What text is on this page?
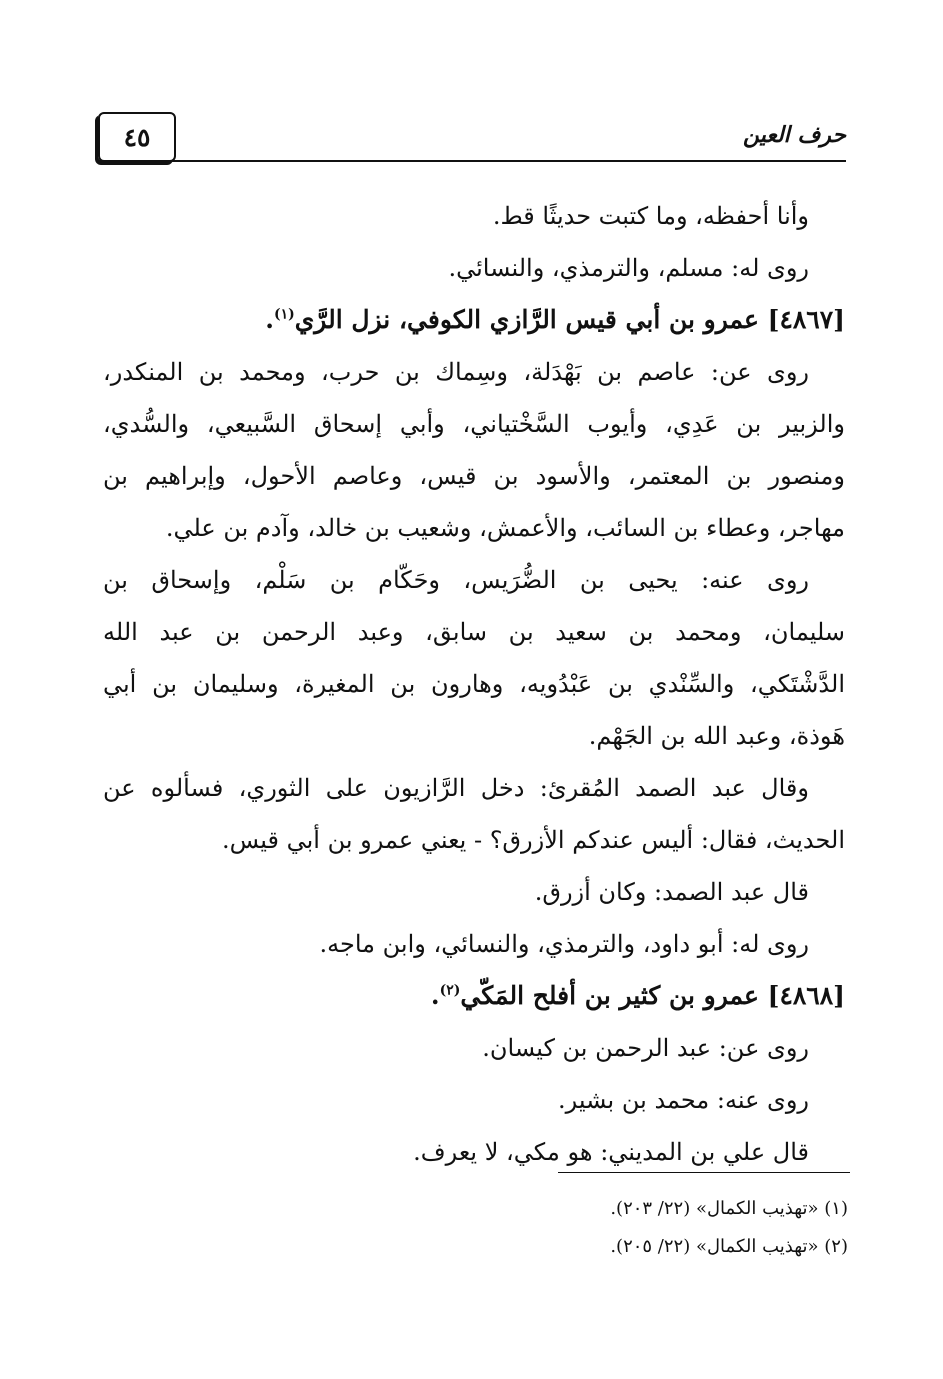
٤٥	حرف العين
وأنا أحفظه، وما كتبت حديثًا قط.
روى له: مسلم، والترمذي، والنسائي.
[٤٨٦٧] عمرو بن أبي قيس الرَّازي الكوفي، نزل الرَّي$^{(١)}$.
روى عن: عاصم بن بَهْدَلة، وسِماك بن حرب، ومحمد بن المنكدر،
والزبير بن عَدِي، وأيوب السَّخْتياني، وأبي إسحاق السَّبيعي، والسُّدي،
ومنصور بن المعتمر، والأسود بن قيس، وعاصم الأحول، وإبراهيم بن
مهاجر، وعطاء بن السائب، والأعمش، وشعيب بن خالد، وآدم بن علي.
روى عنه: يحيى بن الضُّرَيس، وحَكّام بن سَلْم، وإسحاق بن
سليمان، ومحمد بن سعيد بن سابق، وعبد الرحمن بن عبد الله
الدَّشْتَكي، والسِّنْدي بن عَبْدُويه، وهارون بن المغيرة، وسليمان بن أبي
هَوذة، وعبد الله بن الجَهْم.
وقال عبد الصمد المُقرئ: دخل الرَّازيون على الثوري، فسألوه عن
الحديث، فقال: أليس عندكم الأزرق؟ - يعني عمرو بن أبي قيس.
قال عبد الصمد: وكان أزرق.
روى له: أبو داود، والترمذي، والنسائي، وابن ماجه.
[٤٨٦٨] عمرو بن كثير بن أفلح المَكّي$^{(٢)}$.
روى عن: عبد الرحمن بن كيسان.
روى عنه: محمد بن بشير.
قال علي بن المديني: هو مكي، لا يعرف.
(١) «تهذيب الكمال» (٢٢/ ٢٠٣).
(٢) «تهذيب الكمال» (٢٢/ ٢٠٥).
